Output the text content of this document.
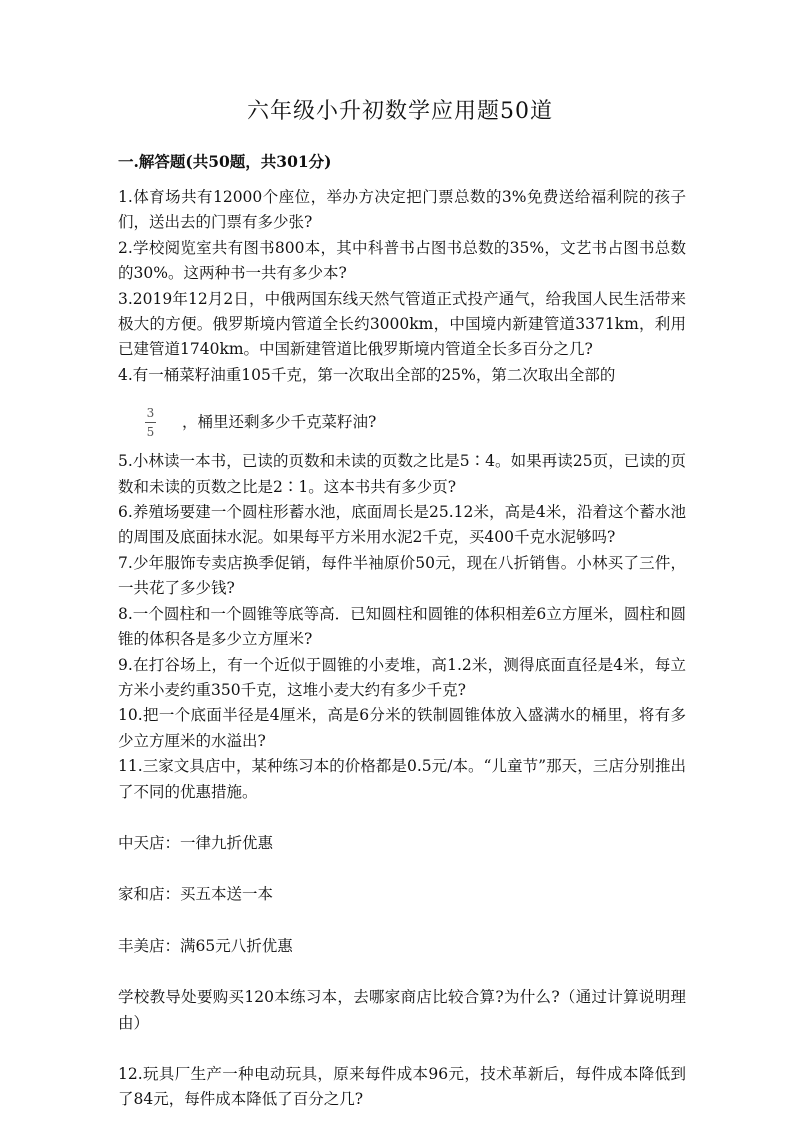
六年级小升初数学应用题50道
一.解答题(共50题，共301分)

1.体育场共有12000个座位，举办方决定把门票总数的3%免费送给福利院的孩子们，送出去的门票有多少张?

2.学校阅览室共有图书800本，其中科普书占图书总数的35%，文艺书占图书总数的30%。这两种书一共有多少本?

3.2019年12月2日，中俄两国东线天然气管道正式投产通气，给我国人民生活带来极大的方便。俄罗斯境内管道全长约3000km，中国境内新建管道3371km，利用已建管道1740km。中国新建管道比俄罗斯境内管道全长多百分之几?

4.有一桶菜籽油重105千克，第一次取出全部的25%，第二次取出全部的

$\frac{3}{5}$ ，桶里还剩多少千克菜籽油?

5.小林读一本书，已读的页数和未读的页数之比是5∶4。如果再读25页，已读的页数和未读的页数之比是2∶1。这本书共有多少页?

6.养殖场要建一个圆柱形蓄水池，底面周长是25.12米，高是4米，沿着这个蓄水池的周围及底面抹水泥。如果每平方米用水泥2千克，买400千克水泥够吗?

7.少年服饰专卖店换季促销，每件半袖原价50元，现在八折销售。小林买了三件，一共花了多少钱?

8.一个圆柱和一个圆锥等底等高．已知圆柱和圆锥的体积相差6立方厘米，圆柱和圆锥的体积各是多少立方厘米?

9.在打谷场上，有一个近似于圆锥的小麦堆，高1.2米，测得底面直径是4米，每立方米小麦约重350千克，这堆小麦大约有多少千克?

10.把一个底面半径是4厘米，高是6分米的铁制圆锥体放入盛满水的桶里，将有多少立方厘米的水溢出?

11.三家文具店中，某种练习本的价格都是0.5元/本。“儿童节”那天，三店分别推出了不同的优惠措施。

中天店：一律九折优惠

家和店：买五本送一本

丰美店：满65元八折优惠

学校教导处要购买120本练习本，去哪家商店比较合算?为什么?（通过计算说明理由）

12.玩具厂生产一种电动玩具，原来每件成本96元，技术革新后，每件成本降低到了84元，每件成本降低了百分之几?
